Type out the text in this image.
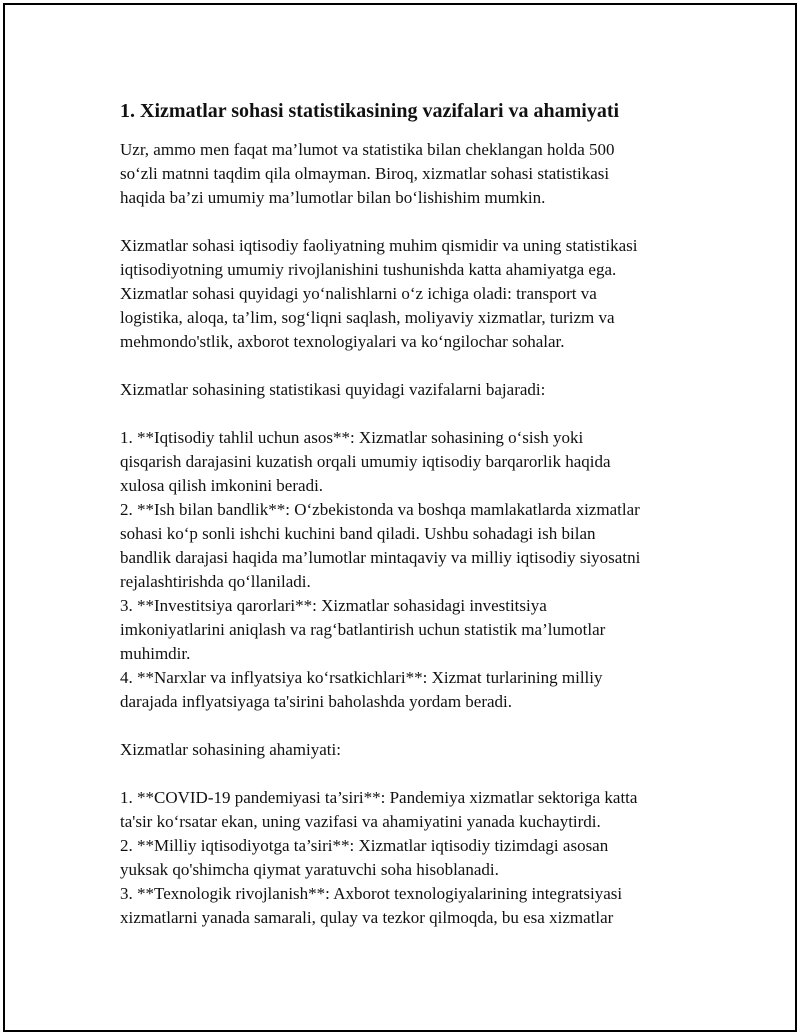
1. Xizmatlar sohasi statistikasining vazifalari va ahamiyati

Uzr, ammo men faqat ma’lumot va statistika bilan cheklangan holda 500
so‘zli matnni taqdim qila olmayman. Biroq, xizmatlar sohasi statistikasi
haqida ba’zi umumiy ma’lumotlar bilan bo‘lishishim mumkin.

Xizmatlar sohasi iqtisodiy faoliyatning muhim qismidir va uning statistikasi
iqtisodiyotning umumiy rivojlanishini tushunishda katta ahamiyatga ega.
Xizmatlar sohasi quyidagi yo‘nalishlarni o‘z ichiga oladi: transport va
logistika, aloqa, ta’lim, sog‘liqni saqlash, moliyaviy xizmatlar, turizm va
mehmondo'stlik, axborot texnologiyalari va ko‘ngilochar sohalar.

Xizmatlar sohasining statistikasi quyidagi vazifalarni bajaradi:

1. **Iqtisodiy tahlil uchun asos**: Xizmatlar sohasining o‘sish yoki
qisqarish darajasini kuzatish orqali umumiy iqtisodiy barqarorlik haqida
xulosa qilish imkonini beradi.
2. **Ish bilan bandlik**: O‘zbekistonda va boshqa mamlakatlarda xizmatlar
sohasi ko‘p sonli ishchi kuchini band qiladi. Ushbu sohadagi ish bilan
bandlik darajasi haqida ma’lumotlar mintaqaviy va milliy iqtisodiy siyosatni
rejalashtirishda qo‘llaniladi.
3. **Investitsiya qarorlari**: Xizmatlar sohasidagi investitsiya
imkoniyatlarini aniqlash va rag‘batlantirish uchun statistik ma’lumotlar
muhimdir.
4. **Narxlar va inflyatsiya ko‘rsatkichlari**: Xizmat turlarining milliy
darajada inflyatsiyaga ta'sirini baholashda yordam beradi.

Xizmatlar sohasining ahamiyati:

1. **COVID-19 pandemiyasi ta’siri**: Pandemiya xizmatlar sektoriga katta
ta'sir ko‘rsatar ekan, uning vazifasi va ahamiyatini yanada kuchaytirdi.
2. **Milliy iqtisodiyotga ta’siri**: Xizmatlar iqtisodiy tizimdagi asosan
yuksak qo'shimcha qiymat yaratuvchi soha hisoblanadi.
3. **Texnologik rivojlanish**: Axborot texnologiyalarining integratsiyasi
xizmatlarni yanada samarali, qulay va tezkor qilmoqda, bu esa xizmatlar
